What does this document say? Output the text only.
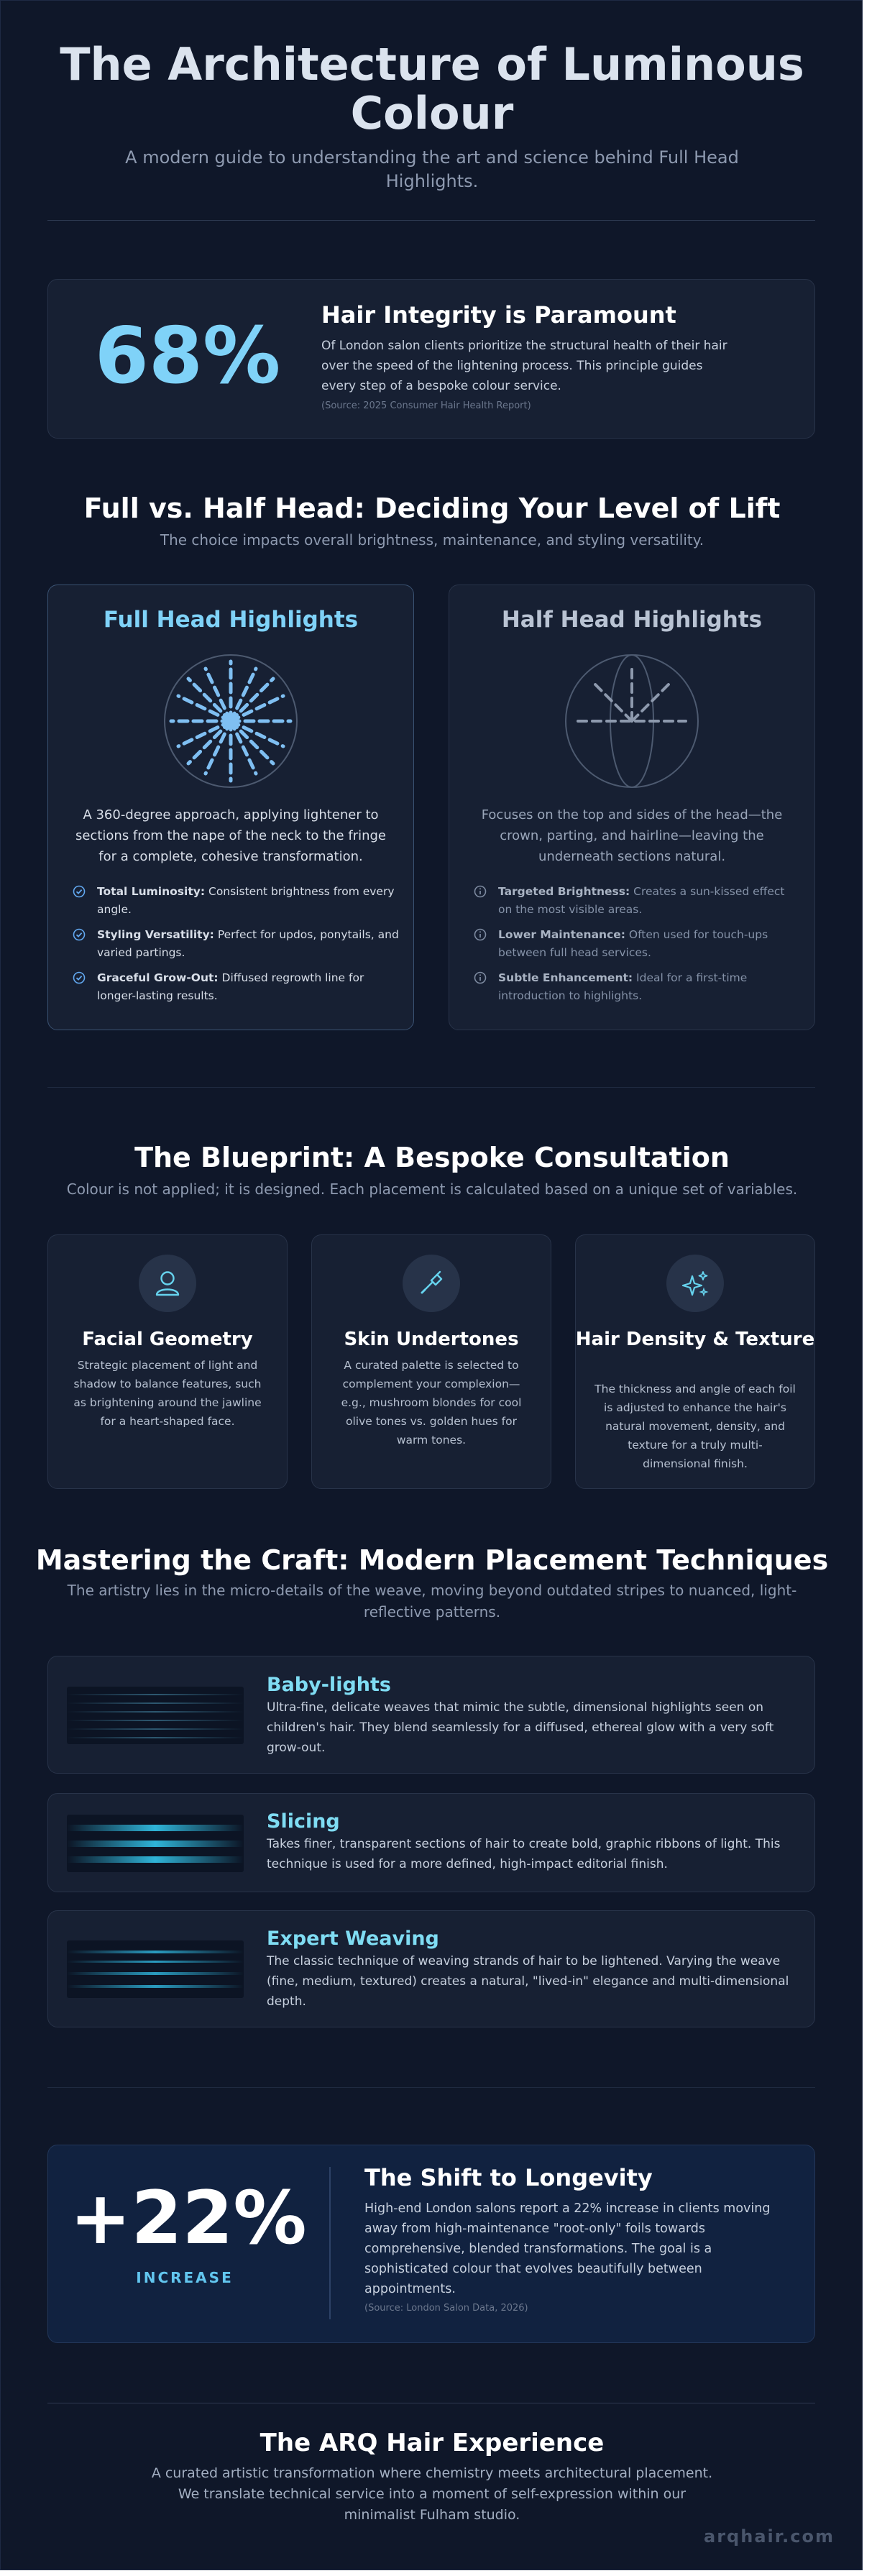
The Architecture of Luminous Colour
A modern guide to understanding the art and science behind Full Head Highlights.
68%	Hair Integrity is Paramount
Of London salon clients prioritize the structural health of their hair over the speed of the lightening process. This principle guides every step of a bespoke colour service.
(Source: 2025 Consumer Hair Health Report)
Full vs. Half Head: Deciding Your Level of Lift
The choice impacts overall brightness, maintenance, and styling versatility.
Full Head Highlights	Half Head Highlights
A 360-degree approach, applying lightener to sections from the nape of the neck to the fringe for a complete, cohesive transformation.
Focuses on the top and sides of the head—the crown, parting, and hairline—leaving the underneath sections natural.
Total Luminosity: Consistent brightness from every angle.
Styling Versatility: Perfect for updos, ponytails, and varied partings.
Graceful Grow-Out: Diffused regrowth line for longer-lasting results.
Targeted Brightness: Creates a sun-kissed effect on the most visible areas.
Lower Maintenance: Often used for touch-ups between full head services.
Subtle Enhancement: Ideal for a first-time introduction to highlights.
The Blueprint: A Bespoke Consultation
Colour is not applied; it is designed. Each placement is calculated based on a unique set of variables.
Facial Geometry	Skin Undertones	Hair Density & Texture
Strategic placement of light and shadow to balance features, such as brightening around the jawline for a heart-shaped face.
A curated palette is selected to complement your complexion—e.g., mushroom blondes for cool olive tones vs. golden hues for warm tones.
The thickness and angle of each foil is adjusted to enhance the hair's natural movement, density, and texture for a truly multi-dimensional finish.
Mastering the Craft: Modern Placement Techniques
The artistry lies in the micro-details of the weave, moving beyond outdated stripes to nuanced, light-reflective patterns.
Baby-lights
Ultra-fine, delicate weaves that mimic the subtle, dimensional highlights seen on children's hair. They blend seamlessly for a diffused, ethereal glow with a very soft grow-out.
Slicing
Takes finer, transparent sections of hair to create bold, graphic ribbons of light. This technique is used for a more defined, high-impact editorial finish.
Expert Weaving
The classic technique of weaving strands of hair to be lightened. Varying the weave (fine, medium, textured) creates a natural, "lived-in" elegance and multi-dimensional depth.
+22%
INCREASE
The Shift to Longevity
High-end London salons report a 22% increase in clients moving away from high-maintenance "root-only" foils towards comprehensive, blended transformations. The goal is a sophisticated colour that evolves beautifully between appointments.
(Source: London Salon Data, 2026)
The ARQ Hair Experience
A curated artistic transformation where chemistry meets architectural placement. We translate technical service into a moment of self-expression within our minimalist Fulham studio.
arqhair.com
